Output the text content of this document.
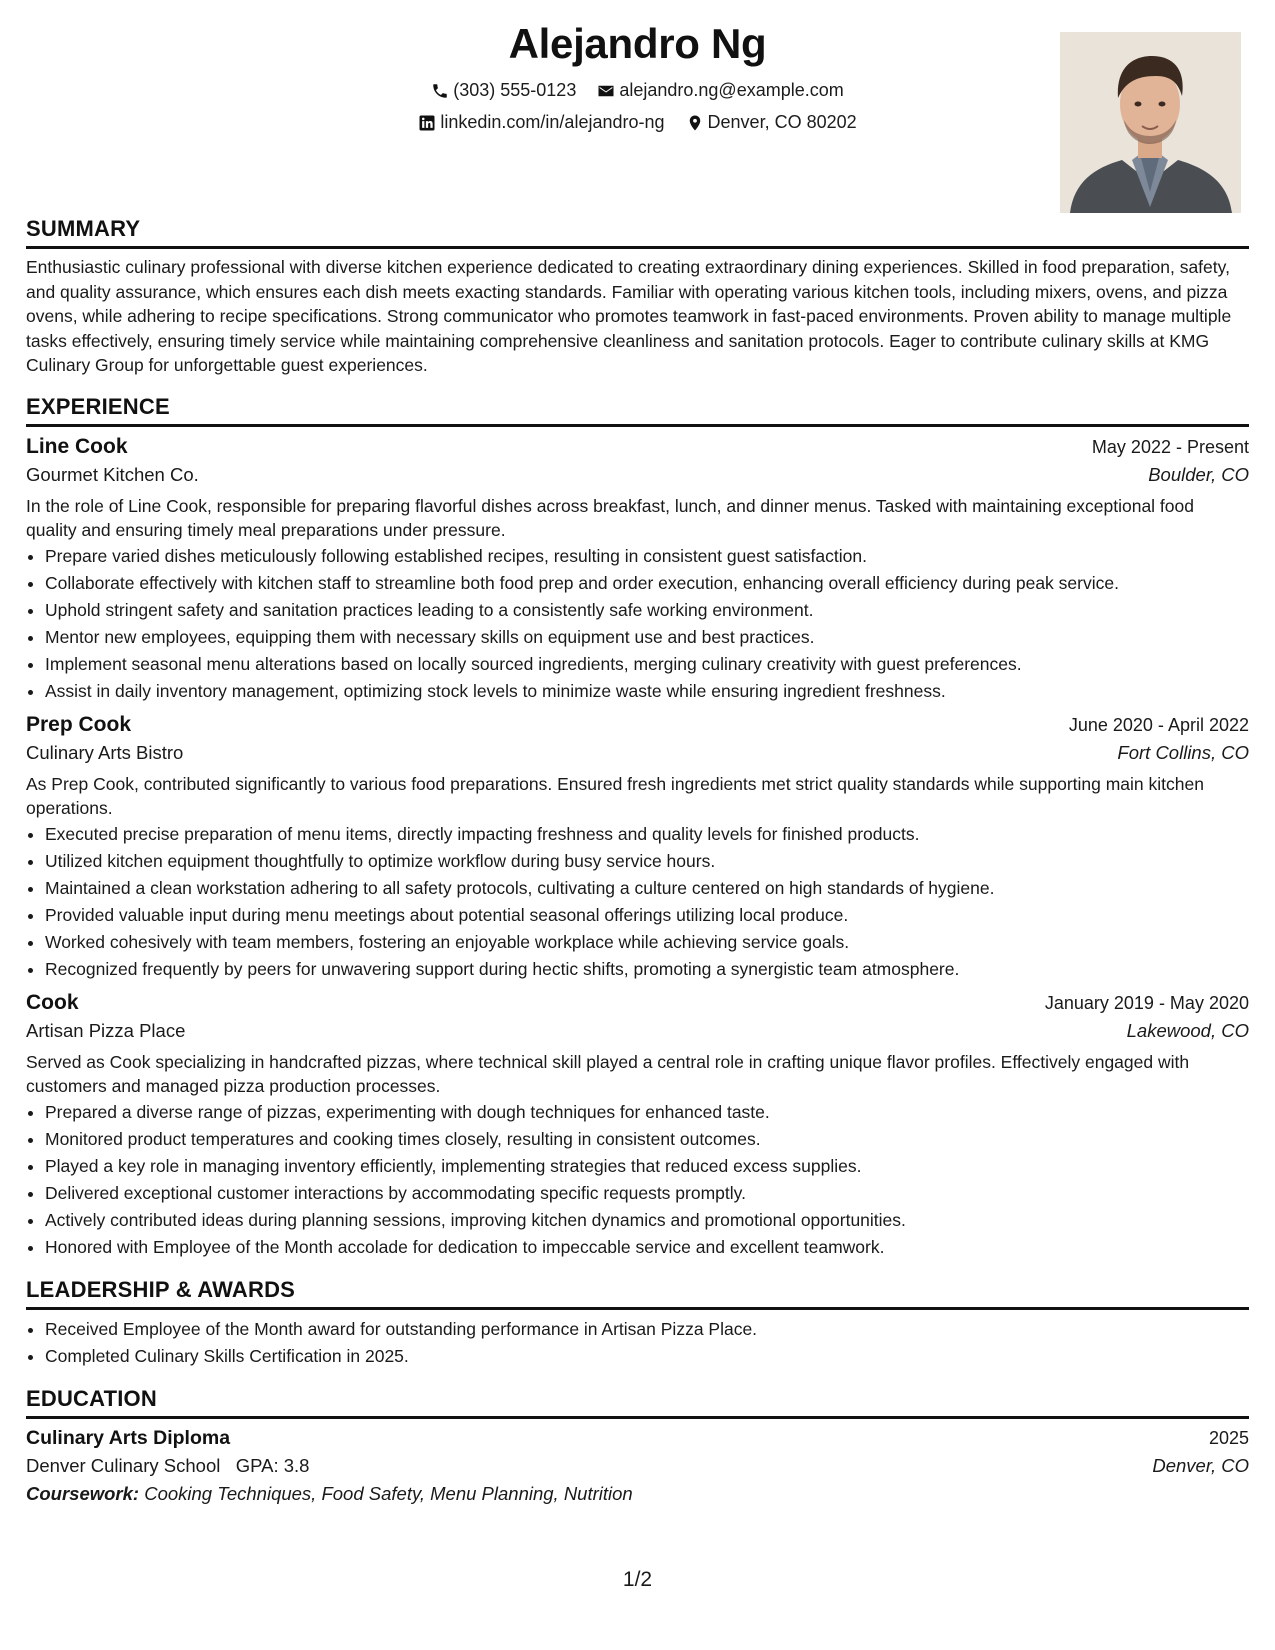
Alejandro Ng
(303) 555-0123
alejandro.ng@example.com
linkedin.com/in/alejandro-ng
Denver, CO 80202
SUMMARY

Enthusiastic culinary professional with diverse kitchen experience dedicated to creating extraordinary dining experiences. Skilled in food preparation, safety, and quality assurance, which ensures each dish meets exacting standards. Familiar with operating various kitchen tools, including mixers, ovens, and pizza ovens, while adhering to recipe specifications. Strong communicator who promotes teamwork in fast-paced environments. Proven ability to manage multiple tasks effectively, ensuring timely service while maintaining comprehensive cleanliness and sanitation protocols. Eager to contribute culinary skills at KMG Culinary Group for unforgettable guest experiences.

EXPERIENCE
Line Cook	May 2022 - Present
Gourmet Kitchen Co.	Boulder, CO

In the role of Line Cook, responsible for preparing flavorful dishes across breakfast, lunch, and dinner menus. Tasked with maintaining exceptional food quality and ensuring timely meal preparations under pressure.

• Prepare varied dishes meticulously following established recipes, resulting in consistent guest satisfaction.
• Collaborate effectively with kitchen staff to streamline both food prep and order execution, enhancing overall efficiency during peak service.
• Uphold stringent safety and sanitation practices leading to a consistently safe working environment.
• Mentor new employees, equipping them with necessary skills on equipment use and best practices.
• Implement seasonal menu alterations based on locally sourced ingredients, merging culinary creativity with guest preferences.
• Assist in daily inventory management, optimizing stock levels to minimize waste while ensuring ingredient freshness.
Prep Cook	June 2020 - April 2022
Culinary Arts Bistro	Fort Collins, CO

As Prep Cook, contributed significantly to various food preparations. Ensured fresh ingredients met strict quality standards while supporting main kitchen operations.

• Executed precise preparation of menu items, directly impacting freshness and quality levels for finished products.
• Utilized kitchen equipment thoughtfully to optimize workflow during busy service hours.
• Maintained a clean workstation adhering to all safety protocols, cultivating a culture centered on high standards of hygiene.
• Provided valuable input during menu meetings about potential seasonal offerings utilizing local produce.
• Worked cohesively with team members, fostering an enjoyable workplace while achieving service goals.
• Recognized frequently by peers for unwavering support during hectic shifts, promoting a synergistic team atmosphere.
Cook	January 2019 - May 2020
Artisan Pizza Place	Lakewood, CO

Served as Cook specializing in handcrafted pizzas, where technical skill played a central role in crafting unique flavor profiles. Effectively engaged with customers and managed pizza production processes.

• Prepared a diverse range of pizzas, experimenting with dough techniques for enhanced taste.
• Monitored product temperatures and cooking times closely, resulting in consistent outcomes.
• Played a key role in managing inventory efficiently, implementing strategies that reduced excess supplies.
• Delivered exceptional customer interactions by accommodating specific requests promptly.
• Actively contributed ideas during planning sessions, improving kitchen dynamics and promotional opportunities.
• Honored with Employee of the Month accolade for dedication to impeccable service and excellent teamwork.
LEADERSHIP & AWARDS
• Received Employee of the Month award for outstanding performance in Artisan Pizza Place.
• Completed Culinary Skills Certification in 2025.
EDUCATION
Culinary Arts Diploma	2025
Denver Culinary School GPA: 3.8	Denver, CO
Coursework: Cooking Techniques, Food Safety, Menu Planning, Nutrition
1/2
